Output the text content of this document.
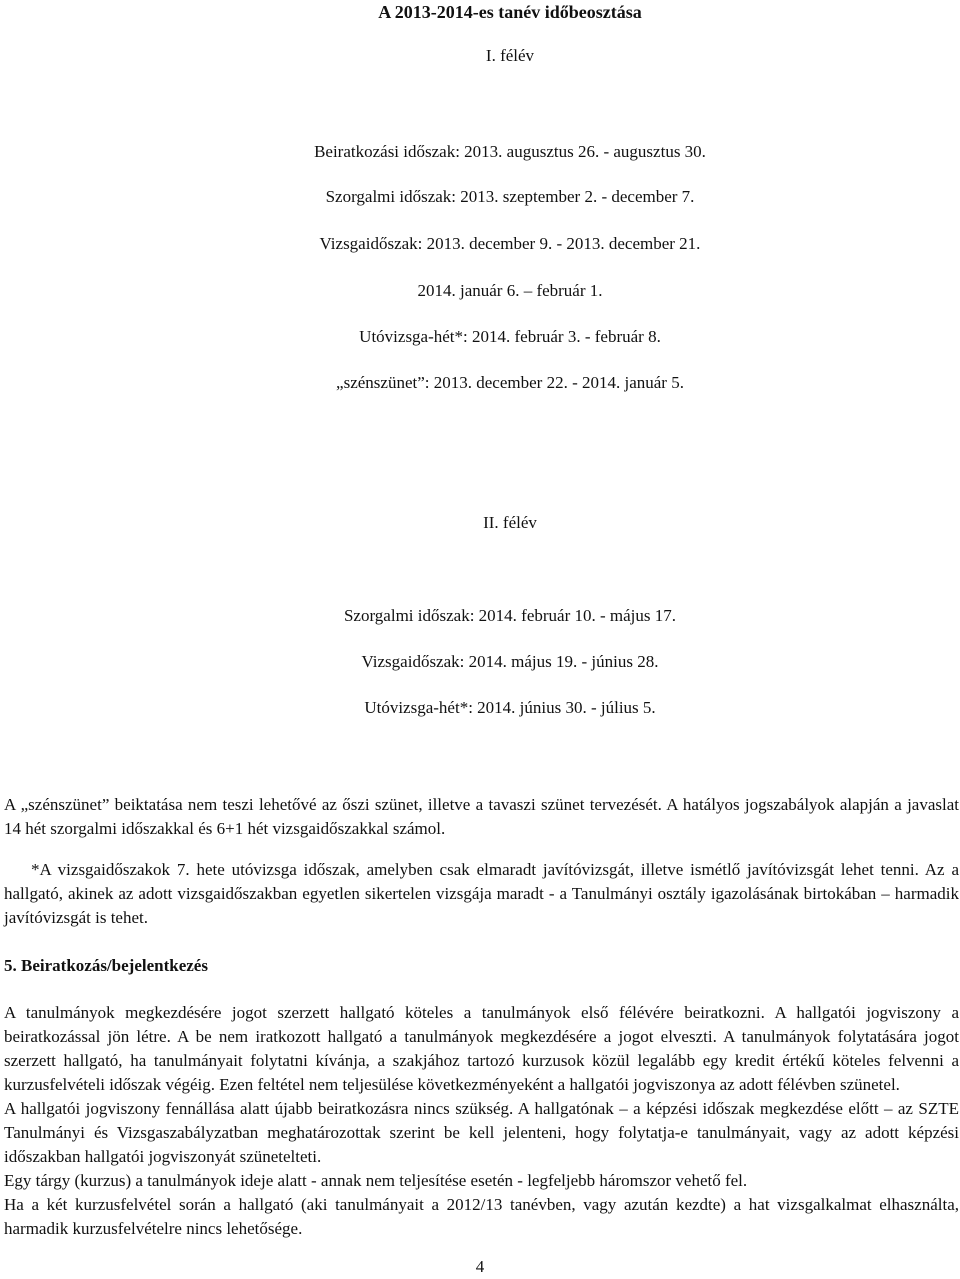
A 2013-2014-es tanév időbeosztása
I. félév
Beiratkozási időszak: 2013. augusztus 26. - augusztus 30.
Szorgalmi időszak: 2013. szeptember 2. - december 7.
Vizsgaidőszak: 2013. december 9. - 2013. december 21.
2014. január 6. – február 1.
Utóvizsga-hét*: 2014. február 3. - február 8.
„szénszünet”: 2013. december 22. - 2014. január 5.
II. félév
Szorgalmi időszak: 2014. február 10. - május 17.
Vizsgaidőszak: 2014. május 19. - június 28.
Utóvizsga-hét*: 2014. június 30. - július 5.

A „szénszünet” beiktatása nem teszi lehetővé az őszi szünet, illetve a tavaszi szünet tervezését. A hatályos jogszabályok alapján a javaslat 14 hét szorgalmi időszakkal és 6+1 hét vizsgaidőszakkal számol.

*A vizsgaidőszakok 7. hete utóvizsga időszak, amelyben csak elmaradt javítóvizsgát, illetve ismétlő javítóvizsgát lehet tenni. Az a hallgató, akinek az adott vizsgaidőszakban egyetlen sikertelen vizsgája maradt - a Tanulmányi osztály igazolásának birtokában – harmadik javítóvizsgát is tehet.

5. Beiratkozás/bejelentkezés

A tanulmányok megkezdésére jogot szerzett hallgató köteles a tanulmányok első félévére beiratkozni. A hallgatói jogviszony a beiratkozással jön létre. A be nem iratkozott hallgató a tanulmányok megkezdésére a jogot elveszti. A tanulmányok folytatására jogot szerzett hallgató, ha tanulmányait folytatni kívánja, a szakjához tartozó kurzusok közül legalább egy kredit értékű köteles felvenni a kurzusfelvételi időszak végéig. Ezen feltétel nem teljesülése következményeként a hallgatói jogviszonya az adott félévben szünetel.

A hallgatói jogviszony fennállása alatt újabb beiratkozásra nincs szükség. A hallgatónak – a képzési időszak megkezdése előtt – az SZTE Tanulmányi és Vizsgaszabályzatban meghatározottak szerint be kell jelenteni, hogy folytatja-e tanulmányait, vagy az adott képzési időszakban hallgatói jogviszonyát szünetelteti.

Egy tárgy (kurzus) a tanulmányok ideje alatt - annak nem teljesítése esetén - legfeljebb háromszor vehető fel.

Ha a két kurzusfelvétel során a hallgató (aki tanulmányait a 2012/13 tanévben, vagy azután kezdte) a hat vizsgalkalmat elhasználta, harmadik kurzusfelvételre nincs lehetősége.

4
